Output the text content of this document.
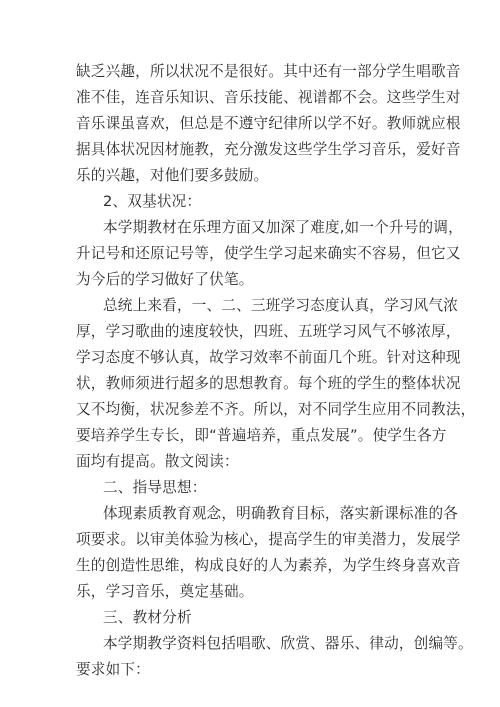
缺乏兴趣，所以状况不是很好。其中还有一部分学生唱歌音
准不佳，连音乐知识、音乐技能、视谱都不会。这些学生对
音乐课虽喜欢，但总是不遵守纪律所以学不好。教师就应根
据具体状况因材施教，充分激发这些学生学习音乐，爱好音
乐的兴趣，对他们要多鼓励。
2、双基状况：
本学期教材在乐理方面又加深了难度,如一个升号的调，
升记号和还原记号等，使学生学习起来确实不容易，但它又
为今后的学习做好了伏笔。
总统上来看，一、二、三班学习态度认真，学习风气浓
厚，学习歌曲的速度较快，四班、五班学习风气不够浓厚，
学习态度不够认真，故学习效率不前面几个班。针对这种现
状，教师须进行超多的思想教育。每个班的学生的整体状况
又不均衡，状况参差不齐。所以，对不同学生应用不同教法，
要培养学生专长，即“普遍培养，重点发展”。使学生各方
面均有提高。散文阅读：
二、指导思想：
体现素质教育观念，明确教育目标，落实新课标准的各
项要求。以审美体验为核心，提高学生的审美潜力，发展学
生的创造性思维，构成良好的人为素养，为学生终身喜欢音
乐，学习音乐，奠定基础。
三、教材分析
本学期教学资料包括唱歌、欣赏、器乐、律动，创编等。
要求如下：
